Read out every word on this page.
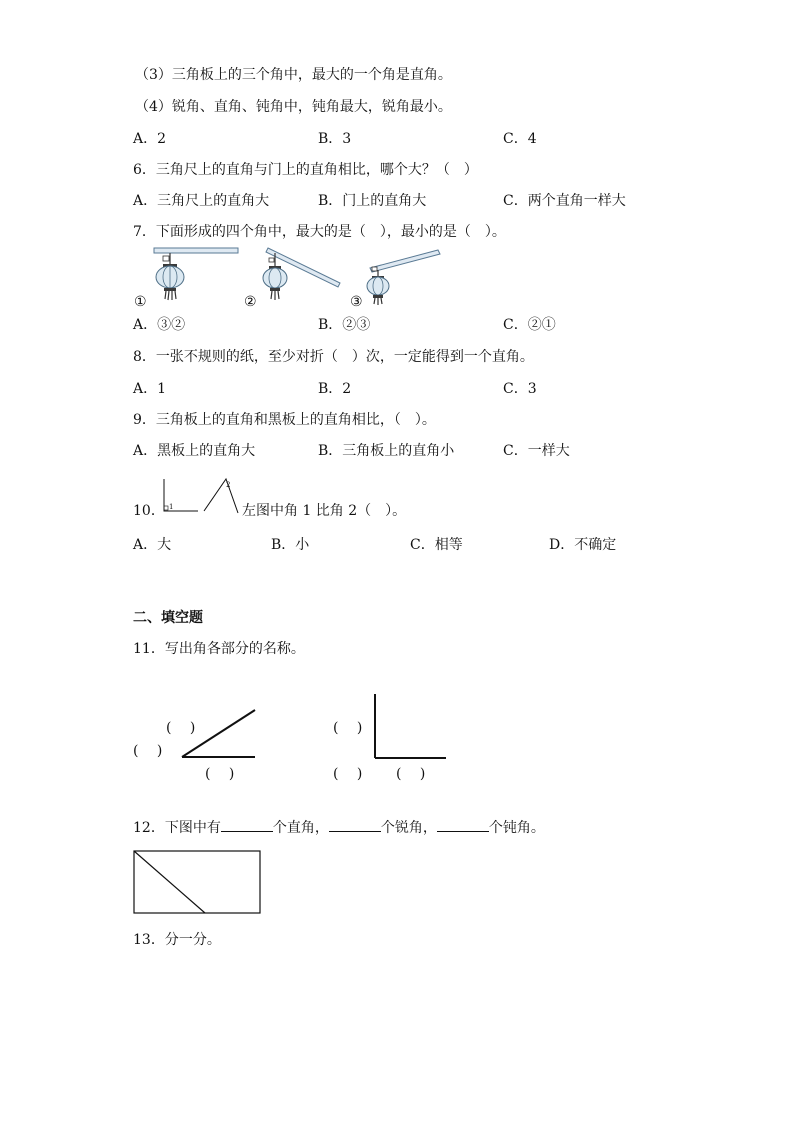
（3）三角板上的三个角中，最大的一个角是直角。
（4）锐角、直角、钝角中，钝角最大，锐角最小。
A．2	B．3	C．4
6．三角尺上的直角与门上的直角相比，哪个大？（　）
A．三角尺上的直角大	B．门上的直角大	C．两个直角一样大
7．下面形成的四个角中，最大的是（　），最小的是（　）。
①	②	③
A．③②	B．②③	C．②①
8．一张不规则的纸，至少对折（　）次，一定能得到一个直角。
A．1	B．2	C．3
9．三角板上的直角和黑板上的直角相比，（　）。
A．黑板上的直角大	B．三角板上的直角小	C．一样大
10． 1
2
左图中角 1 比角 2（　）。
A．大	B．小	C．相等	D．不确定
二、填空题
11．写出角各部分的名称。
(　 )
(　 )
(　 )
(　 )
(　 ) (　 )
12．下图中有	个直角，	个锐角，	个钝角。
13．分一分。
